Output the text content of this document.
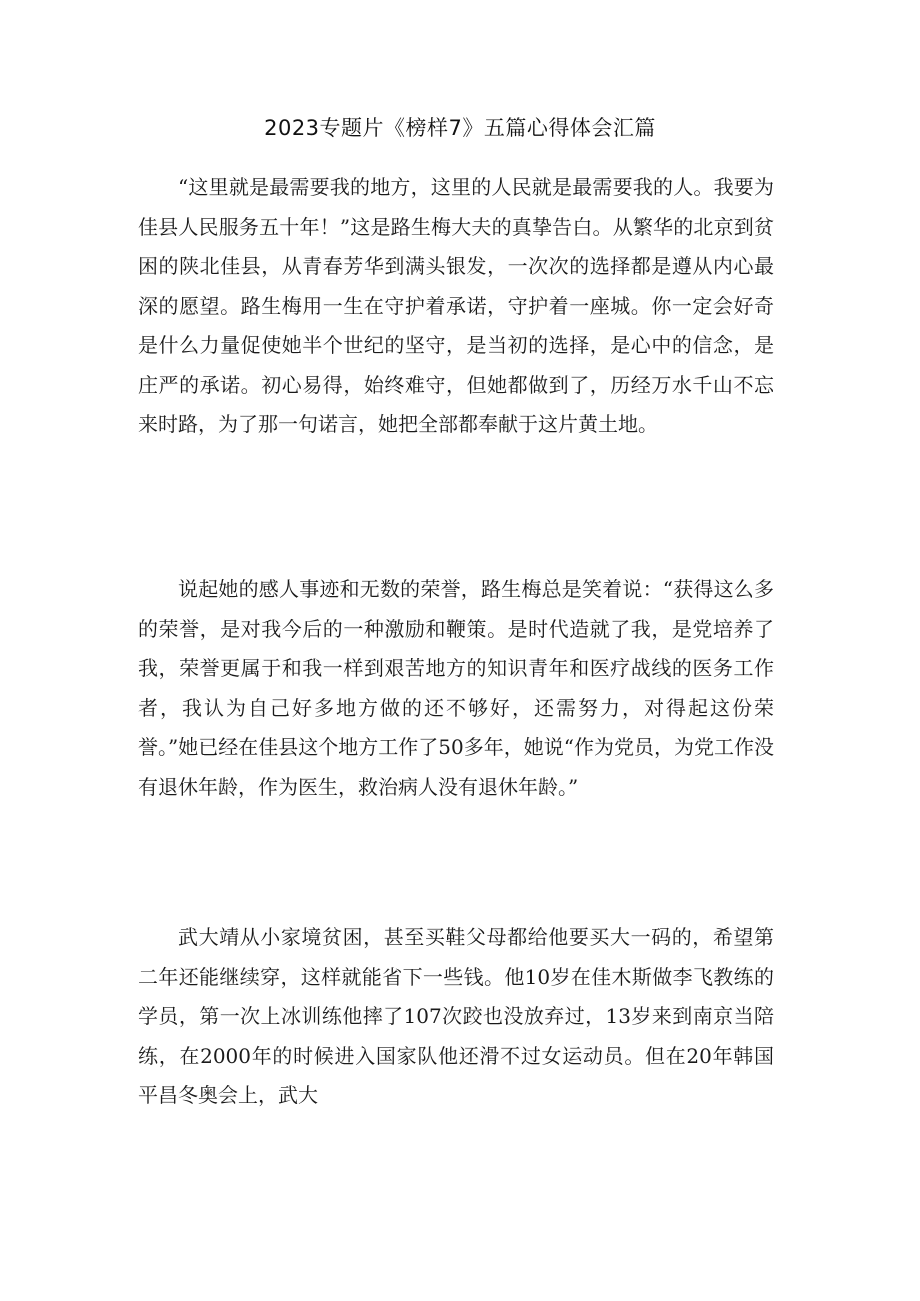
2023专题片《榜样7》五篇心得体会汇篇

“这里就是最需要我的地方，这里的人民就是最需要我的人。我要为佳县人民服务五十年！”这是路生梅大夫的真挚告白。从繁华的北京到贫困的陕北佳县，从青春芳华到满头银发，一次次的选择都是遵从内心最深的愿望。路生梅用一生在守护着承诺，守护着一座城。你一定会好奇是什么力量促使她半个世纪的坚守，是当初的选择，是心中的信念，是庄严的承诺。初心易得，始终难守，但她都做到了，历经万水千山不忘来时路，为了那一句诺言，她把全部都奉献于这片黄土地。

说起她的感人事迹和无数的荣誉，路生梅总是笑着说：“获得这么多的荣誉，是对我今后的一种激励和鞭策。是时代造就了我，是党培养了我，荣誉更属于和我一样到艰苦地方的知识青年和医疗战线的医务工作者，我认为自己好多地方做的还不够好，还需努力，对得起这份荣誉。”她已经在佳县这个地方工作了50多年，她说“作为党员，为党工作没有退休年龄，作为医生，救治病人没有退休年龄。”

武大靖从小家境贫困，甚至买鞋父母都给他要买大一码的，希望第二年还能继续穿，这样就能省下一些钱。他10岁在佳木斯做李飞教练的学员，第一次上冰训练他摔了107次跤也没放弃过，13岁来到南京当陪练，在2000年的时候进入国家队他还滑不过女运动员。但在20年韩国平昌冬奥会上，武大
